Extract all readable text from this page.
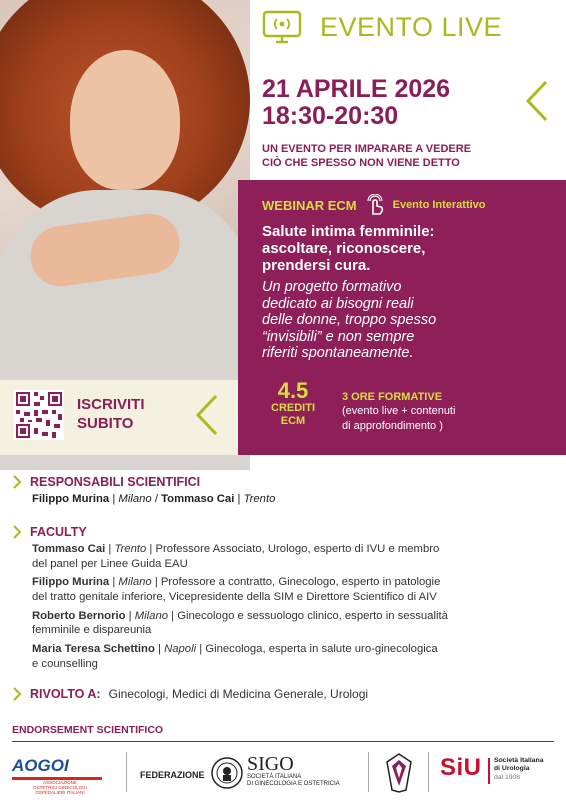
EVENTO LIVE
21 APRILE 2026
18:30-20:30
UN EVENTO PER IMPARARE A VEDERE
CIÒ CHE SPESSO NON VIENE DETTO
WEBINAR ECM	Evento Interattivo
Salute intima femminile:
ascoltare, riconoscere,
prendersi cura.
Un progetto formativo
dedicato ai bisogni reali
delle donne, troppo spesso
“invisibili” e non sempre
riferiti spontaneamente.
ISCRIVITI
SUBITO
4.5
CREDITI
ECM
3 ORE FORMATIVE
(evento live + contenuti
di approfondimento )
RESPONSABILI SCIENTIFICI
Filippo Murina | Milano / Tommaso Cai | Trento
FACULTY
Tommaso Cai | Trento | Professore Associato, Urologo, esperto di IVU e membro
del panel per Linee Guida EAU
Filippo Murina | Milano | Professore a contratto, Ginecologo, esperto in patologie
del tratto genitale inferiore, Vicepresidente della SIM e Direttore Scientifico di AIV
Roberto Bernorio | Milano | Ginecologo e sessuologo clinico, esperto in sessualità
femminile e dispareunia
Maria Teresa Schettino | Napoli | Ginecologa, esperta in salute uro-ginecologica
e counselling
RIVOLTO A: Ginecologi, Medici di Medicina Generale, Urologi
ENDORSEMENT SCIENTIFICO
AOGOI
ASSOCIAZIONE
OSTETRICI GINECOLOGI
OSPEDALIERI ITALIANI
FEDERAZIONE SIGO
SOCIETÀ ITALIANA
DI GINECOLOGIA E OSTETRICIA
SiU Società Italiana
di Urologia
dal 1908
